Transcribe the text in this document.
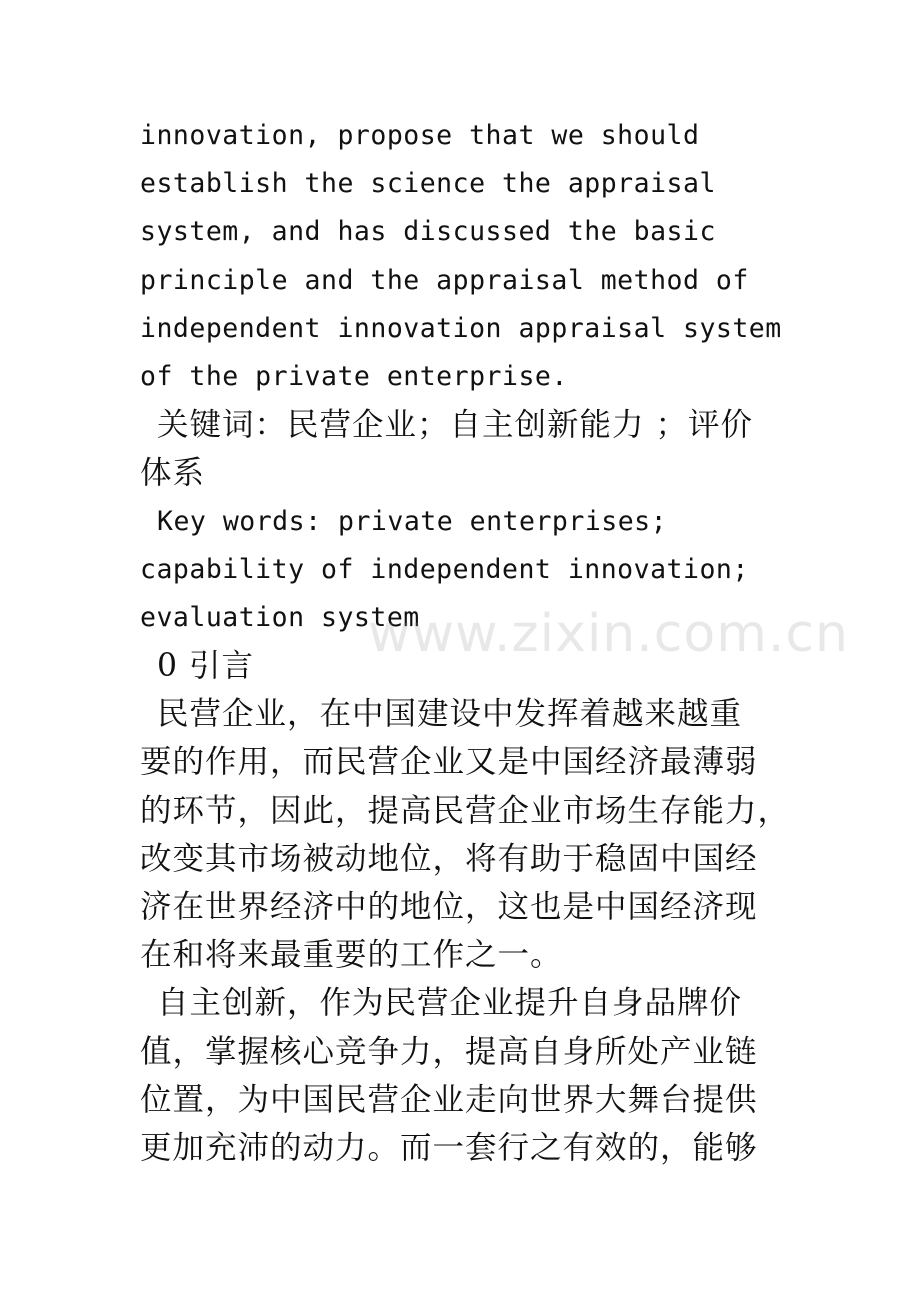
innovation, propose that we should
establish the science the appraisal
system, and has discussed the basic
principle and the appraisal method of
independent innovation appraisal system
of the private enterprise.
关键词：民营企业；自主创新能力 ；评价
体系
Key words: private enterprises;
capability of independent innovation;
evaluation system
0 引言
民营企业，在中国建设中发挥着越来越重
要的作用，而民营企业又是中国经济最薄弱
的环节，因此，提高民营企业市场生存能力，
改变其市场被动地位，将有助于稳固中国经
济在世界经济中的地位，这也是中国经济现
在和将来最重要的工作之一。
自主创新，作为民营企业提升自身品牌价
值，掌握核心竞争力，提高自身所处产业链
位置，为中国民营企业走向世界大舞台提供
更加充沛的动力。而一套行之有效的，能够
www.zixin.com.cn
